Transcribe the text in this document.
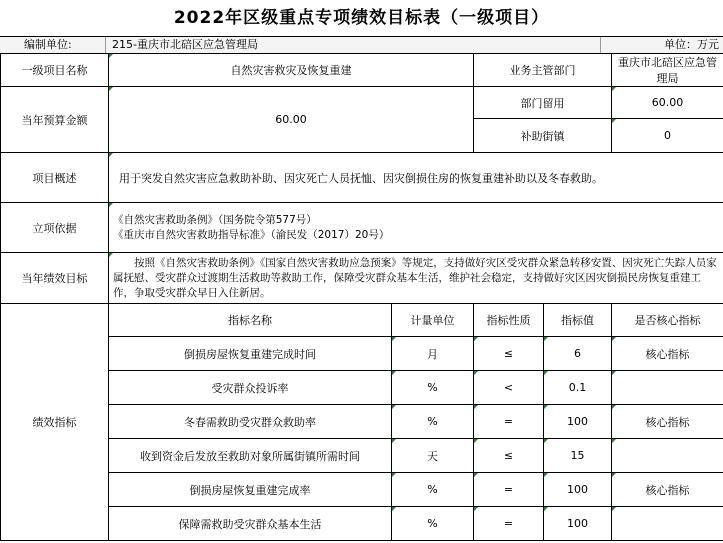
2022年区级重点专项绩效目标表（一级项目）
编制单位:	215-重庆市北碚区应急管理局	单位：万元
一级项目名称	自然灾害救灾及恢复重建		业务主管部门		重庆市北碚区应急管理局
当年预算金额	60.00		部门留用		60.00
			补助街镇		0
项目概述	用于突发自然灾害应急救助补助、因灾死亡人员抚恤、因灾倒损住房的恢复重建补助以及冬春救助。				
立项依据	《自然灾害救助条例》（国务院令第577号）
《重庆市自然灾害救助指导标准》（渝民发（2017）20号）				

当年绩效目标	按照《自然灾害救助条例》《国家自然灾害救助应急预案》等规定，支持做好灾区受灾群众紧急转移安置、因灾死亡失踪人员家属抚慰、受灾群众过渡期生活救助等救助工作，保障受灾群众基本生活，维护社会稳定，支持做好灾区因灾倒损民房恢复重建工作，争取受灾群众早日入住新居。				
绩效指标	指标名称	计量单位	指标性质	指标值	是否核心指标
	倒损房屋恢复重建完成时间	月	≤	6	核心指标
	受灾群众投诉率	%	<	0.1	
	冬春需救助受灾群众救助率	%	=	100	核心指标
	收到资金后发放至救助对象所属街镇所需时间	天	≤	15	
	倒损房屋恢复重建完成率	%	=	100	核心指标
	保障需救助受灾群众基本生活	%	=	100	
